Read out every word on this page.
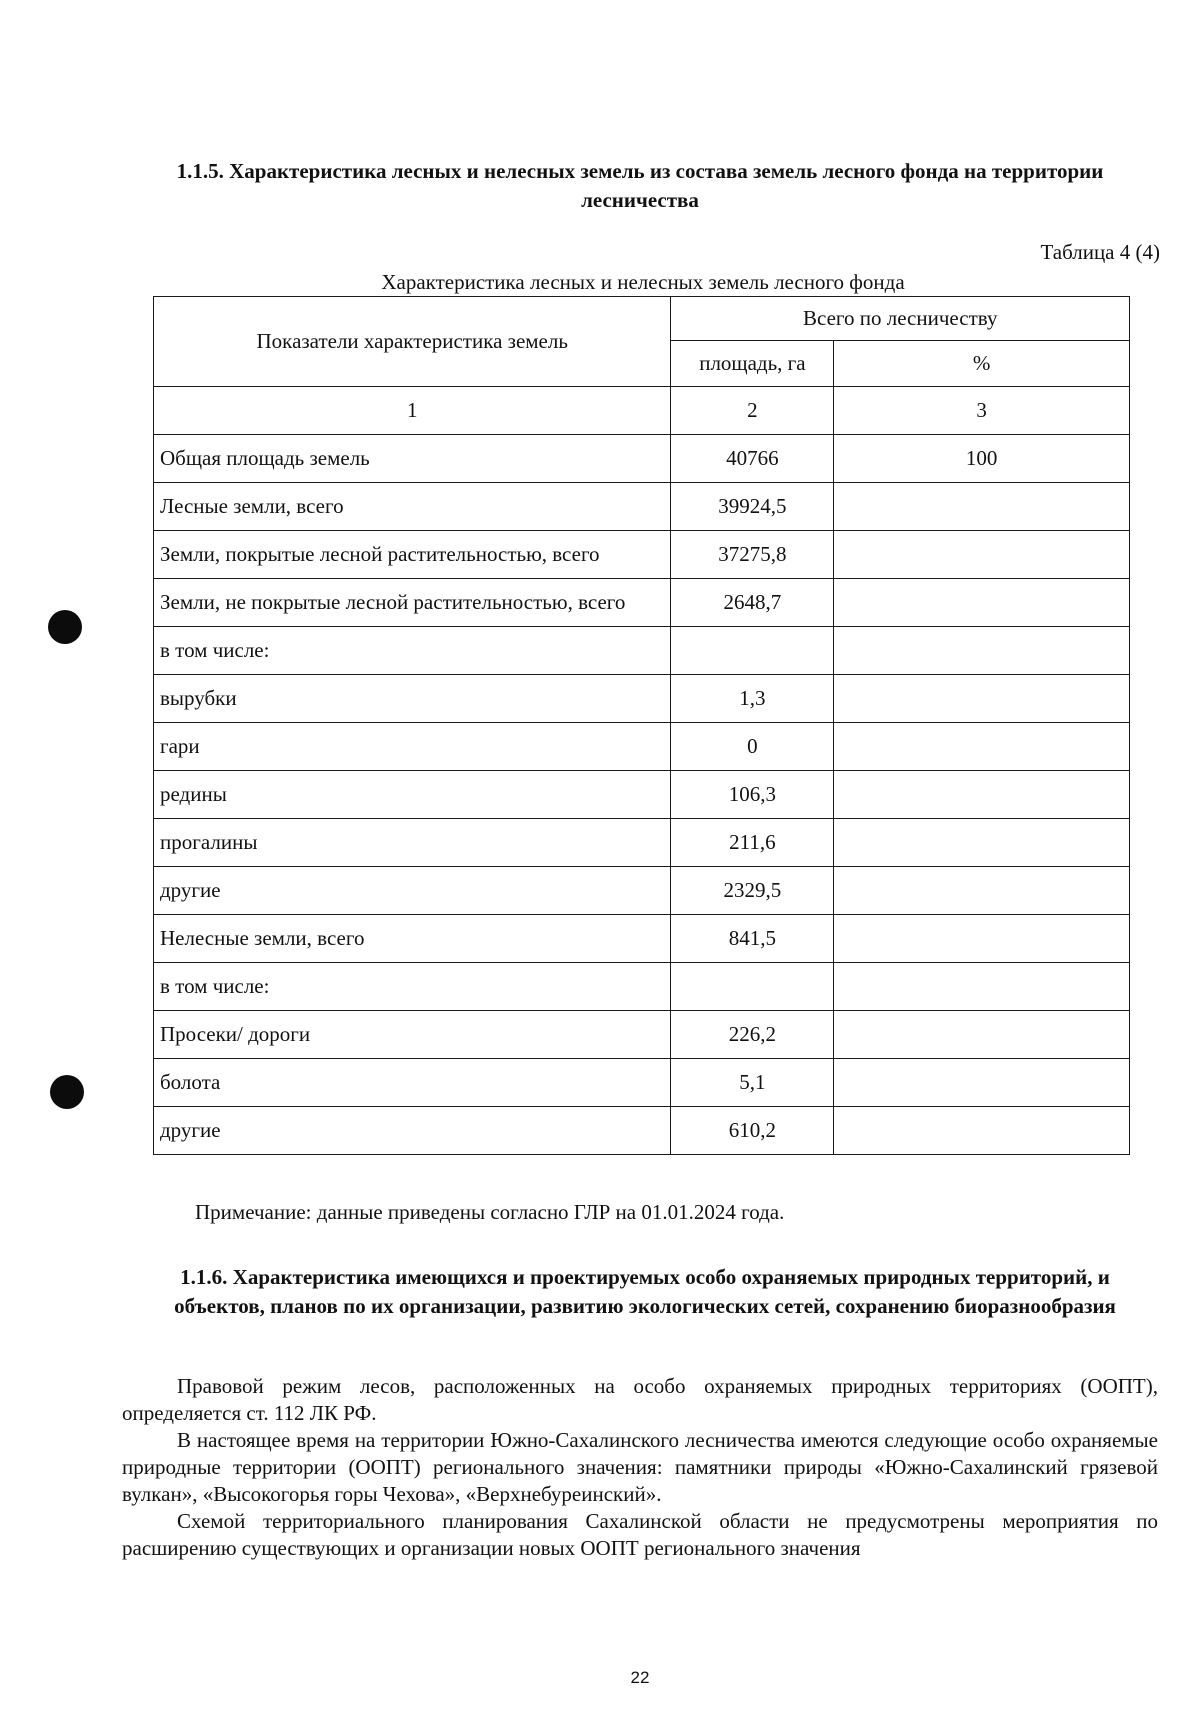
1.1.5. Характеристика лесных и нелесных земель из состава земель лесного фонда на территории лесничества
Таблица 4 (4)
Характеристика лесных и нелесных земель лесного фонда
Показатели характеристика земель	Всего по лесничеству	
	площадь, га	%
1	2	3
Общая площадь земель	40766	100
Лесные земли, всего	39924,5	
Земли, покрытые лесной растительностью, всего	37275,8	
Земли, не покрытые лесной растительностью, всего	2648,7	
в том числе:		
вырубки	1,3	
гари	0	
редины	106,3	
прогалины	211,6	
другие	2329,5	
Нелесные земли, всего	841,5	
в том числе:		
Просеки/ дороги	226,2	
болота	5,1	
другие	610,2	
Примечание: данные приведены согласно ГЛР на 01.01.2024 года.
1.1.6. Характеристика имеющихся и проектируемых особо охраняемых природных территорий, и объектов, планов по их организации, развитию экологических сетей, сохранению биоразнообразия

Правовой режим лесов, расположенных на особо охраняемых природных территориях (ООПТ), определяется ст. 112 ЛК РФ.

В настоящее время на территории Южно-Сахалинского лесничества имеются следующие особо охраняемые природные территории (ООПТ) регионального значения: памятники природы «Южно-Сахалинский грязевой вулкан», «Высокогорья горы Чехова», «Верхнебуреинский».

Схемой территориального планирования Сахалинской области не предусмотрены мероприятия по расширению существующих и организации новых ООПТ регионального значения

22
